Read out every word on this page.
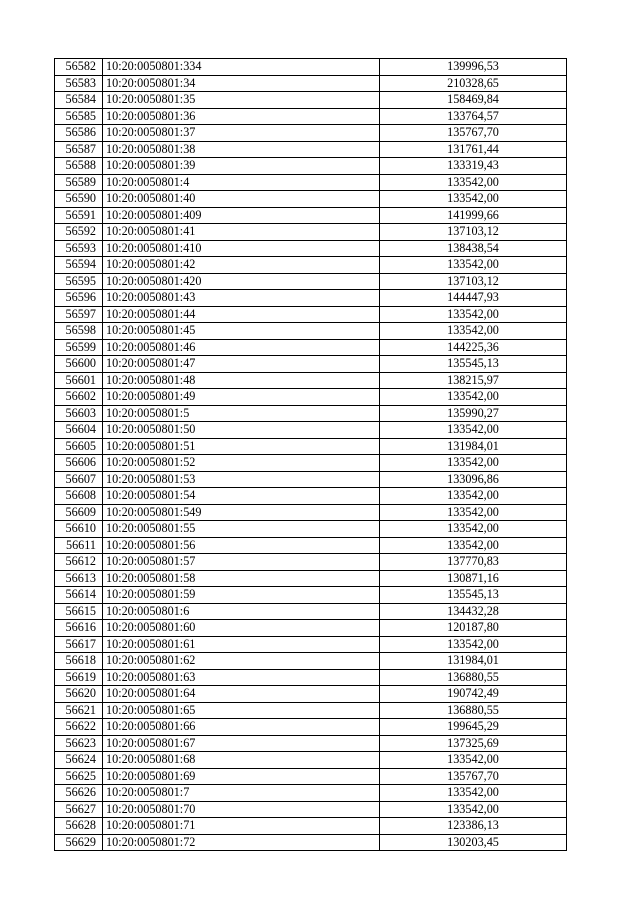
56582	10:20:0050801:334	139996,53
56583	10:20:0050801:34	210328,65
56584	10:20:0050801:35	158469,84
56585	10:20:0050801:36	133764,57
56586	10:20:0050801:37	135767,70
56587	10:20:0050801:38	131761,44
56588	10:20:0050801:39	133319,43
56589	10:20:0050801:4	133542,00
56590	10:20:0050801:40	133542,00
56591	10:20:0050801:409	141999,66
56592	10:20:0050801:41	137103,12
56593	10:20:0050801:410	138438,54
56594	10:20:0050801:42	133542,00
56595	10:20:0050801:420	137103,12
56596	10:20:0050801:43	144447,93
56597	10:20:0050801:44	133542,00
56598	10:20:0050801:45	133542,00
56599	10:20:0050801:46	144225,36
56600	10:20:0050801:47	135545,13
56601	10:20:0050801:48	138215,97
56602	10:20:0050801:49	133542,00
56603	10:20:0050801:5	135990,27
56604	10:20:0050801:50	133542,00
56605	10:20:0050801:51	131984,01
56606	10:20:0050801:52	133542,00
56607	10:20:0050801:53	133096,86
56608	10:20:0050801:54	133542,00
56609	10:20:0050801:549	133542,00
56610	10:20:0050801:55	133542,00
56611	10:20:0050801:56	133542,00
56612	10:20:0050801:57	137770,83
56613	10:20:0050801:58	130871,16
56614	10:20:0050801:59	135545,13
56615	10:20:0050801:6	134432,28
56616	10:20:0050801:60	120187,80
56617	10:20:0050801:61	133542,00
56618	10:20:0050801:62	131984,01
56619	10:20:0050801:63	136880,55
56620	10:20:0050801:64	190742,49
56621	10:20:0050801:65	136880,55
56622	10:20:0050801:66	199645,29
56623	10:20:0050801:67	137325,69
56624	10:20:0050801:68	133542,00
56625	10:20:0050801:69	135767,70
56626	10:20:0050801:7	133542,00
56627	10:20:0050801:70	133542,00
56628	10:20:0050801:71	123386,13
56629	10:20:0050801:72	130203,45
